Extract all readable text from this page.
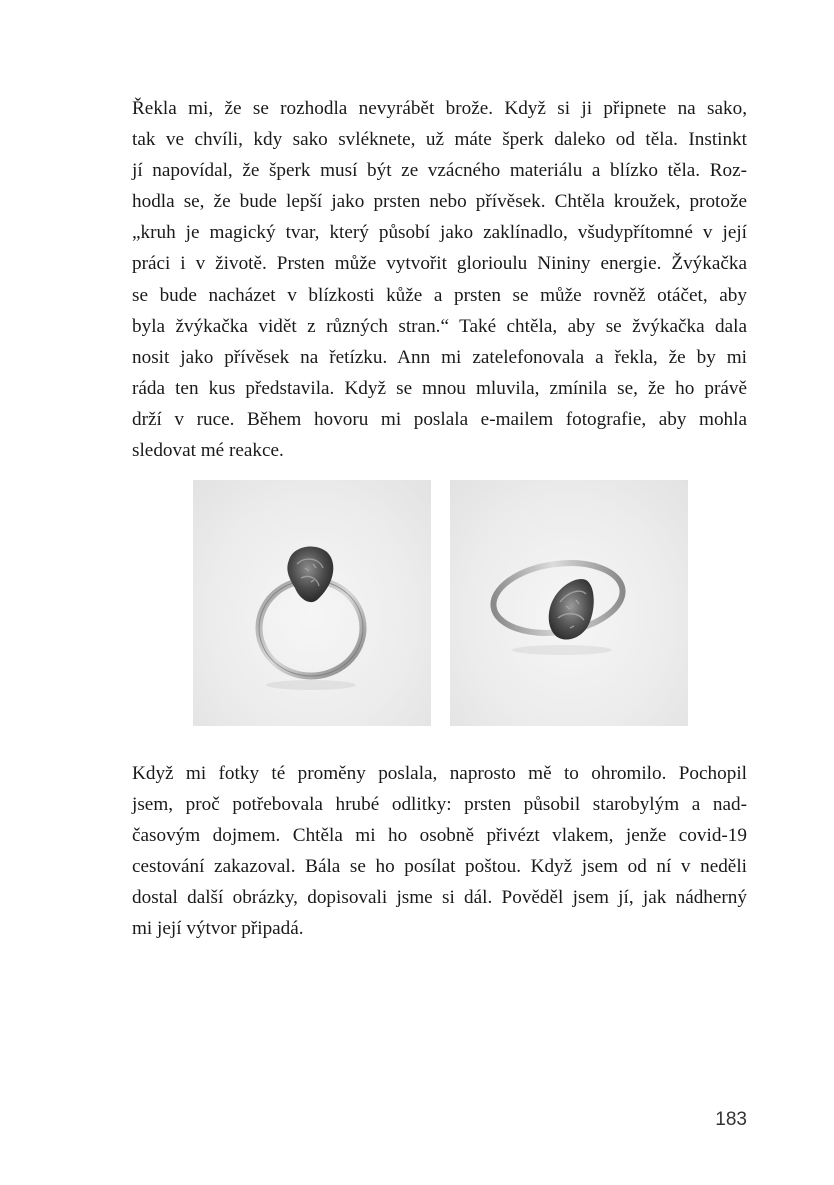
Řekla mi, že se rozhodla nevyrábět brože. Když si ji připnete na sako,
tak ve chvíli, kdy sako svléknete, už máte šperk daleko od těla. Instinkt
jí napovídal, že šperk musí být ze vzácného materiálu a blízko těla. Roz-
hodla se, že bude lepší jako prsten nebo přívěsek. Chtěla kroužek, protože
„kruh je magický tvar, který působí jako zaklínadlo, všudypřítomné v její
práci i v životě. Prsten může vytvořit glorioulu Nininy energie. Žvýkačka
se bude nacházet v blízkosti kůže a prsten se může rovněž otáčet, aby
byla žvýkačka vidět z různých stran.“ Také chtěla, aby se žvýkačka dala
nosit jako přívěsek na řetízku. Ann mi zatelefonovala a řekla, že by mi
ráda ten kus představila. Když se mnou mluvila, zmínila se, že ho právě
drží v ruce. Během hovoru mi poslala e-mailem fotografie, aby mohla
sledovat mé reakce.
Když mi fotky té proměny poslala, naprosto mě to ohromilo. Pochopil
jsem, proč potřebovala hrubé odlitky: prsten působil starobylým a nad-
časovým dojmem. Chtěla mi ho osobně přivézt vlakem, jenže covid-19
cestování zakazoval. Bála se ho posílat poštou. Když jsem od ní v neděli
dostal další obrázky, dopisovali jsme si dál. Pověděl jsem jí, jak nádherný
mi její výtvor připadá.
183
